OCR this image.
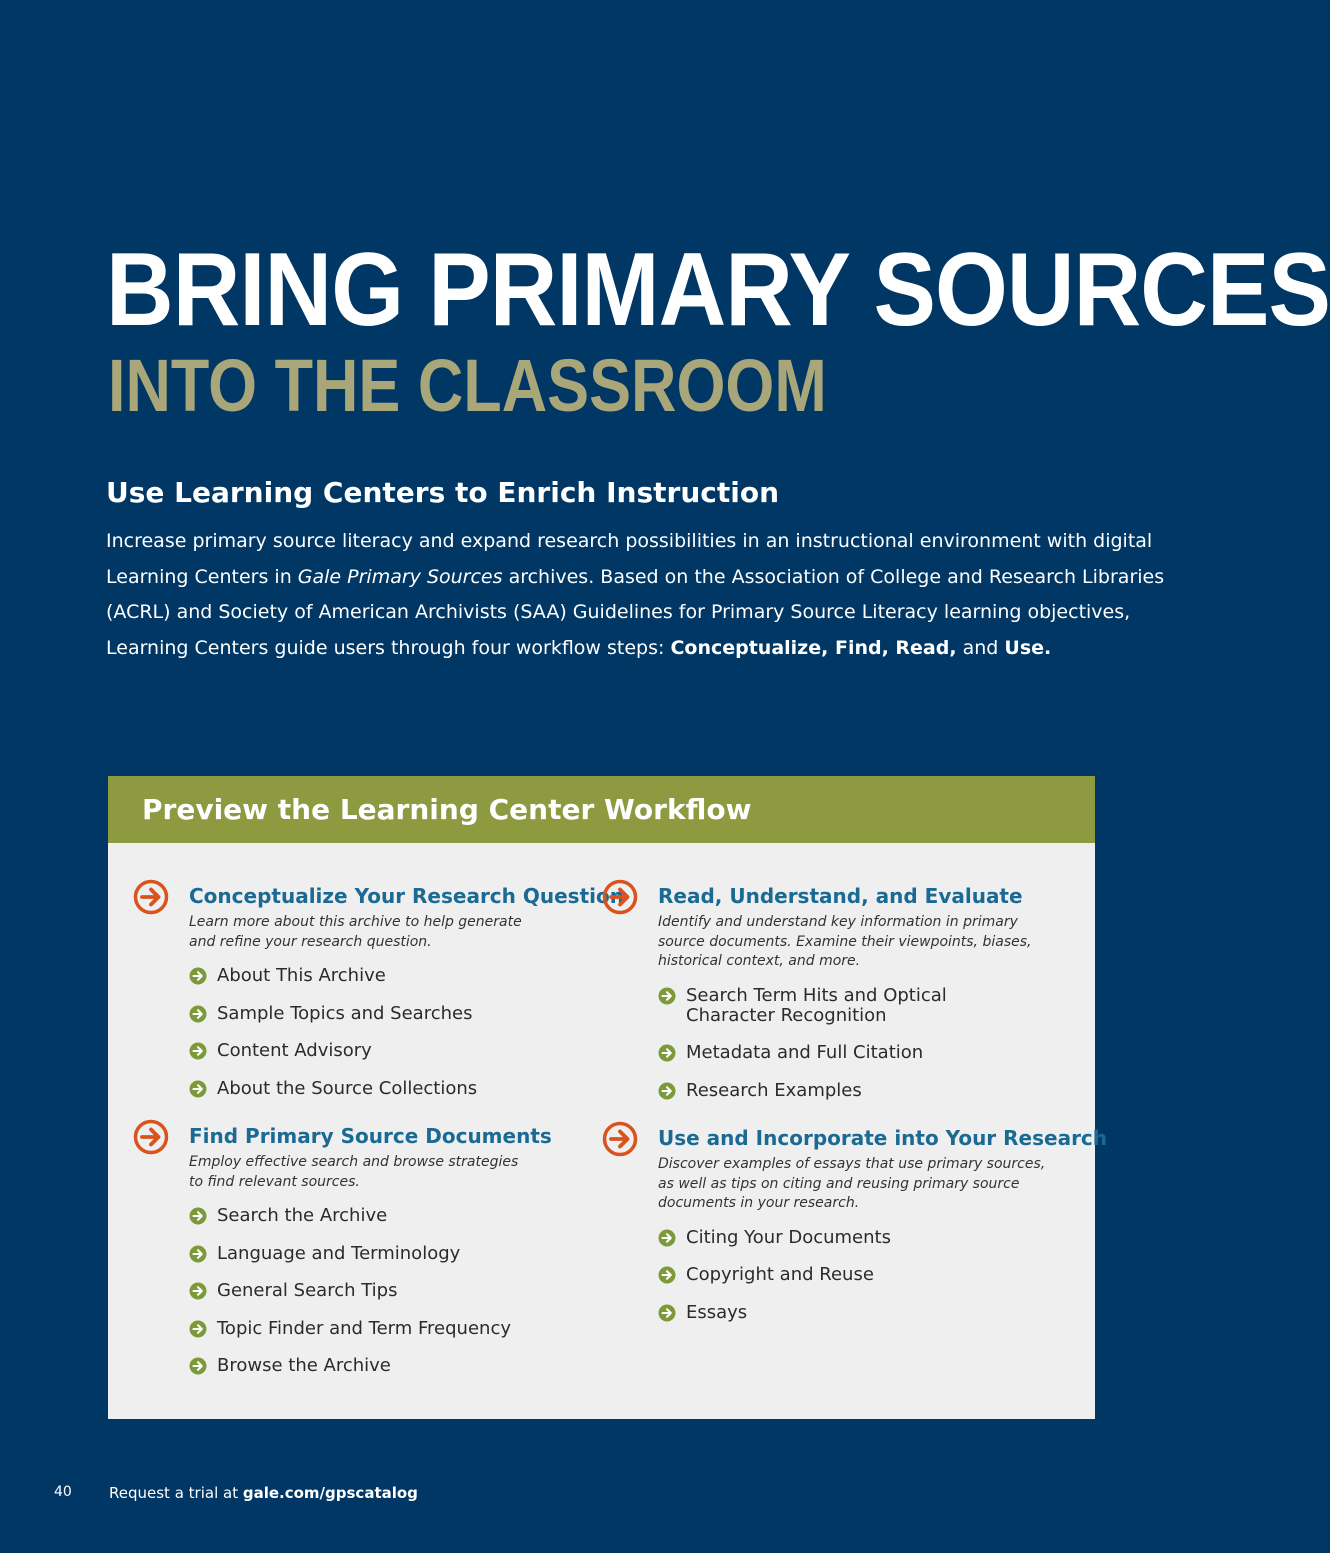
BRING PRIMARY SOURCES
INTO THE CLASSROOM
Use Learning Centers to Enrich Instruction
Increase primary source literacy and expand research possibilities in an instructional environment with digital
Learning Centers in Gale Primary Sources archives. Based on the Association of College and Research Libraries
(ACRL) and Society of American Archivists (SAA) Guidelines for Primary Source Literacy learning objectives,
Learning Centers guide users through four workflow steps: Conceptualize, Find, Read, and Use.
Preview the Learning Center Workflow
Conceptualize Your Research Question
Learn more about this archive to help generate
and refine your research question.
About This Archive
Sample Topics and Searches
Content Advisory
About the Source Collections
Find Primary Source Documents
Employ effective search and browse strategies
to find relevant sources.
Search the Archive
Language and Terminology
General Search Tips
Topic Finder and Term Frequency
Browse the Archive
Read, Understand, and Evaluate
Identify and understand key information in primary
source documents. Examine their viewpoints, biases,
historical context, and more.
Search Term Hits and Optical
Character Recognition
Metadata and Full Citation
Research Examples
Use and Incorporate into Your Research
Discover examples of essays that use primary sources,
as well as tips on citing and reusing primary source
documents in your research.
Citing Your Documents
Copyright and Reuse
Essays
40 Request a trial at gale.com/gpscatalog
